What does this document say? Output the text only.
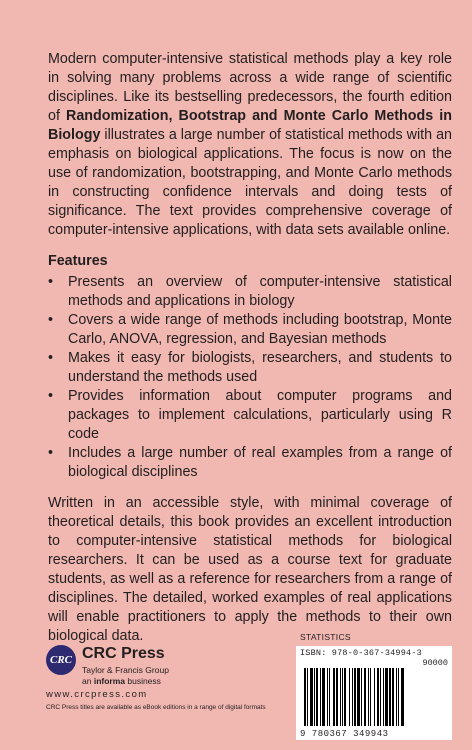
Modern computer-intensive statistical methods play a key role in solving many problems across a wide range of scientific disciplines. Like its bestselling predecessors, the fourth edition of Randomization, Bootstrap and Monte Carlo Methods in Biology illustrates a large number of statistical methods with an emphasis on biological applications. The focus is now on the use of randomization, bootstrapping, and Monte Carlo methods in constructing confidence intervals and doing tests of significance. The text provides comprehensive coverage of computer-intensive applications, with data sets available online.

Features
• Presents an overview of computer-intensive statistical methods and applications in biology
• Covers a wide range of methods including bootstrap, Monte Carlo, ANOVA, regression, and Bayesian methods
• Makes it easy for biologists, researchers, and students to understand the methods used
• Provides information about computer programs and packages to implement calculations, particularly using R code
• Includes a large number of real examples from a range of biological disciplines

Written in an accessible style, with minimal coverage of theoretical details, this book provides an excellent introduction to computer-intensive statistical methods for biological researchers. It can be used as a course text for graduate students, as well as a reference for researchers from a range of disciplines. The detailed, worked examples of real applications will enable practitioners to apply the methods to their own biological data.

CRC CRC Press
Taylor & Francis Group
an informa business
www.crcpress.com
CRC Press titles are available as eBook editions in a range of digital formats
STATISTICS
ISBN: 978-0-367-34994-3
90000
9 780367 349943
